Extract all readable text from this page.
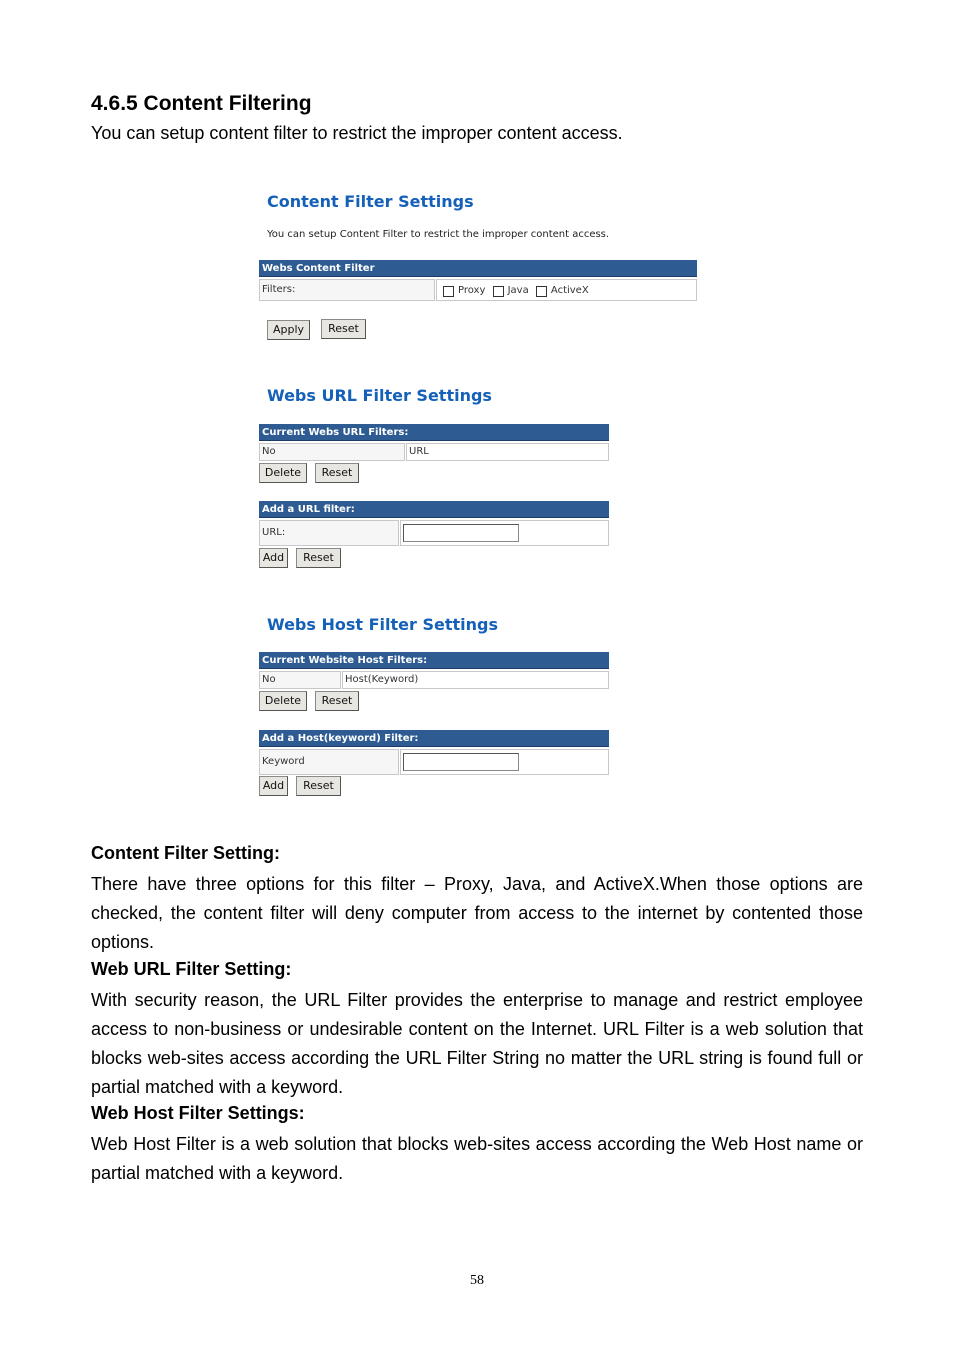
4.6.5 Content Filtering
You can setup content filter to restrict the improper content access.
Content Filter Settings
You can setup Content Filter to restrict the improper content access.
Webs Content Filter
Filters:	Proxy Java ActiveX
Apply	Reset
Webs URL Filter Settings
Current Webs URL Filters:
No	URL
Delete	Reset
Add a URL filter:
URL:
Add	Reset
Webs Host Filter Settings
Current Website Host Filters:
No	Host(Keyword)
Delete	Reset
Add a Host(keyword) Filter:
Keyword
Add	Reset
Content Filter Setting:
There have three options for this filter – Proxy, Java, and ActiveX.When those options are checked, the content filter will deny computer from access to the internet by contented those options.
Web URL Filter Setting:
With security reason, the URL Filter provides the enterprise to manage and restrict employee access to non-business or undesirable content on the Internet. URL Filter is a web solution that blocks web-sites access according the URL Filter String no matter the URL string is found full or partial matched with a keyword.
Web Host Filter Settings:
Web Host Filter is a web solution that blocks web-sites access according the Web Host name or partial matched with a keyword.
58
